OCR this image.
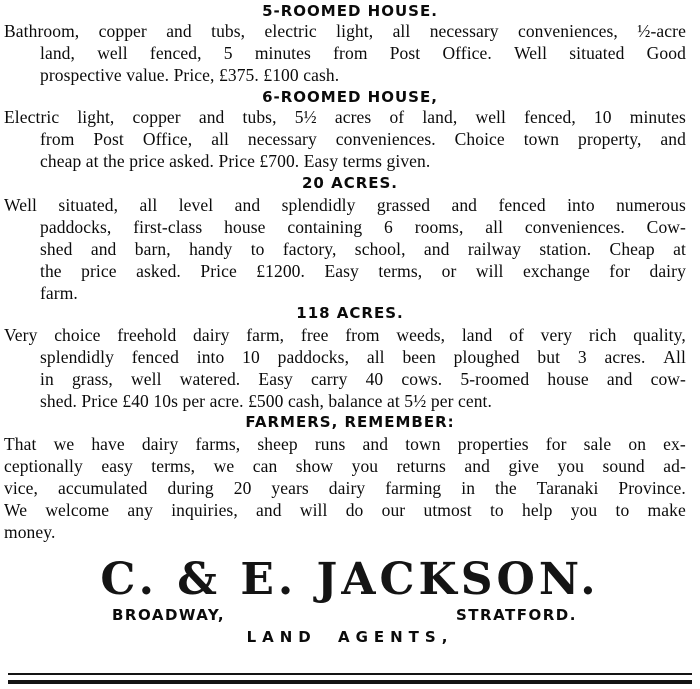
5-ROOMED HOUSE.
Bathroom, copper and tubs, electric light, all necessary conveniences, ½-acre
land, well fenced, 5 minutes from Post Office. Well situated Good
prospective value. Price, £375. £100 cash.
6-ROOMED HOUSE,
Electric light, copper and tubs, 5½ acres of land, well fenced, 10 minutes
from Post Office, all necessary conveniences. Choice town property, and
cheap at the price asked. Price £700. Easy terms given.
20 ACRES.
Well situated, all level and splendidly grassed and fenced into numerous
paddocks, first-class house containing 6 rooms, all conveniences. Cow-
shed and barn, handy to factory, school, and railway station. Cheap at
the price asked. Price £1200. Easy terms, or will exchange for dairy
farm.
118 ACRES.
Very choice freehold dairy farm, free from weeds, land of very rich quality,
splendidly fenced into 10 paddocks, all been ploughed but 3 acres. All
in grass, well watered. Easy carry 40 cows. 5-roomed house and cow-
shed. Price £40 10s per acre. £500 cash, balance at 5½ per cent.
FARMERS, REMEMBER:
That we have dairy farms, sheep runs and town properties for sale on ex-
ceptionally easy terms, we can show you returns and give you sound ad-
vice, accumulated during 20 years dairy farming in the Taranaki Province.
We welcome any inquiries, and will do our utmost to help you to make
money.
C. & E. JACKSON.
BROADWAY,	STRATFORD.
LAND AGENTS,
